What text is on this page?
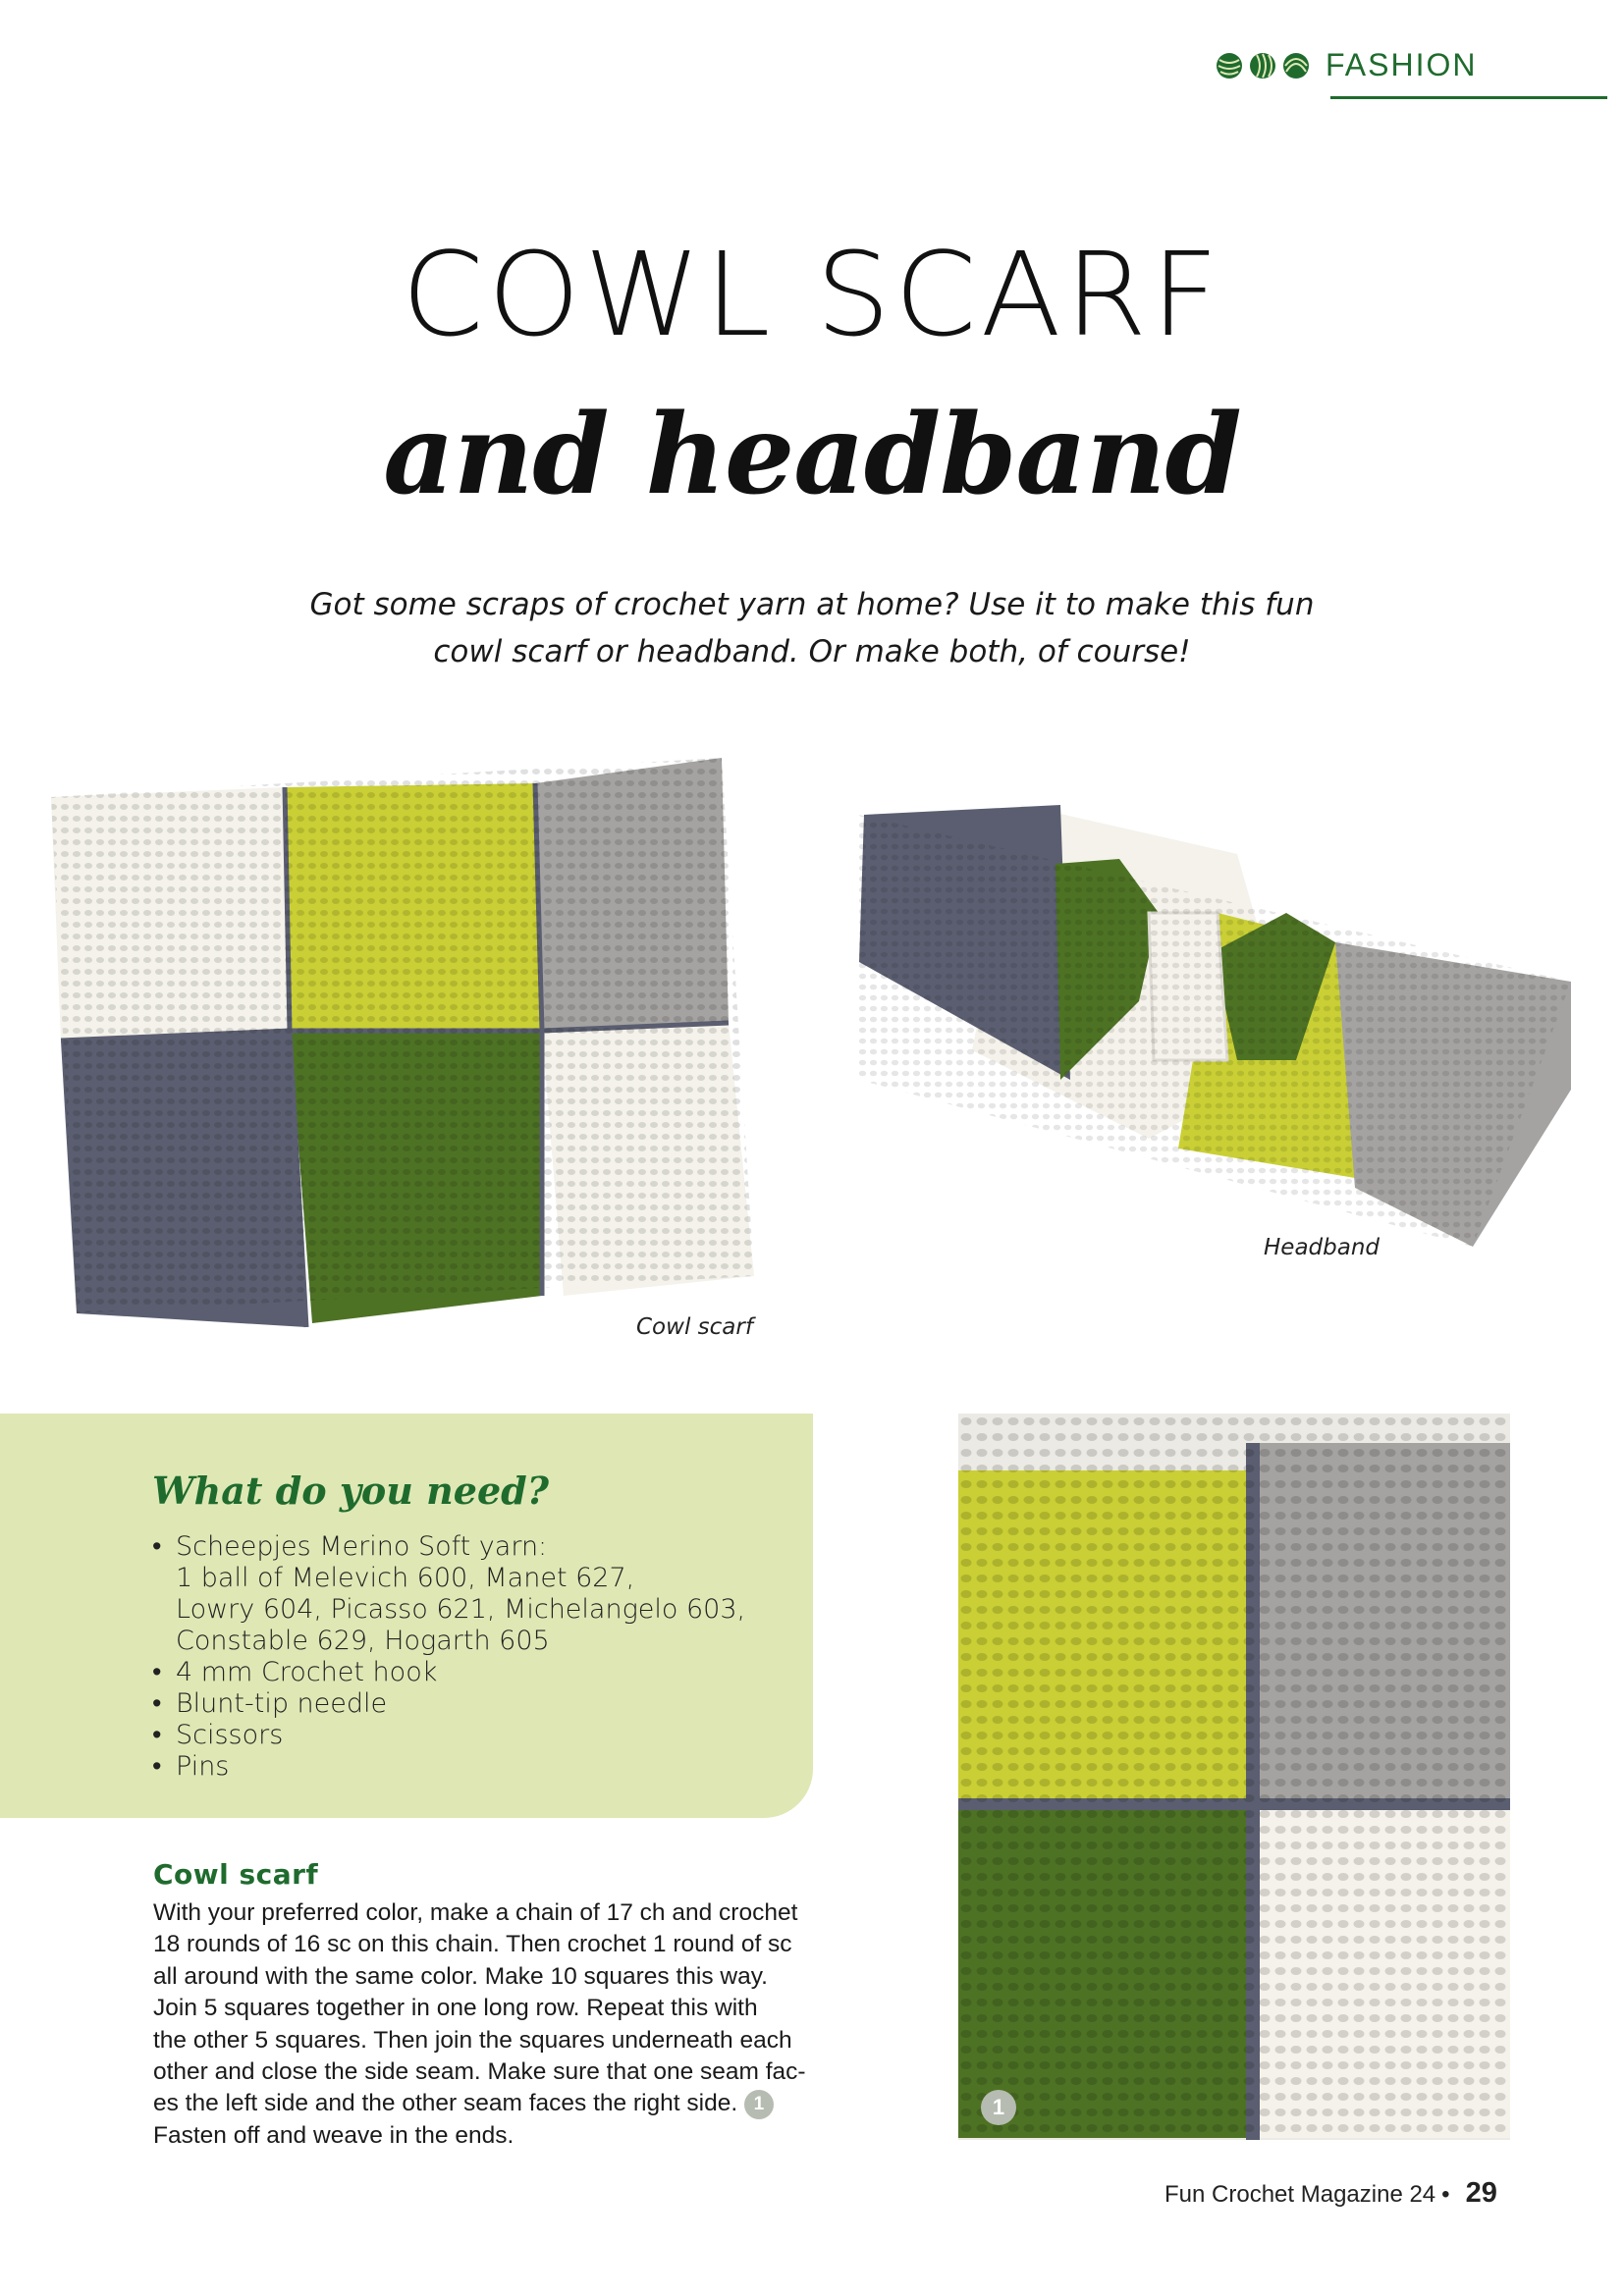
FASHION
COWL SCARF
and headband
Got some scraps of crochet yarn at home? Use it to make this fun
cowl scarf or headband. Or make both, of course!
Cowl scarf
Headband
What do you need?
• Scheepjes Merino Soft yarn:
1 ball of Melevich 600, Manet 627,
Lowry 604, Picasso 621, Michelangelo 603,
Constable 629, Hogarth 605
• 4 mm Crochet hook
• Blunt-tip needle
• Scissors
• Pins
Cowl scarf
With your preferred color, make a chain of 17 ch and crochet
18 rounds of 16 sc on this chain. Then crochet 1 round of sc
all around with the same color. Make 10 squares this way.
Join 5 squares together in one long row. Repeat this with
the other 5 squares. Then join the squares underneath each
other and close the side seam. Make sure that one seam fac-
es the left side and the other seam faces the right side. 1
Fasten off and weave in the ends.
1
Fun Crochet Magazine 24 • 29
